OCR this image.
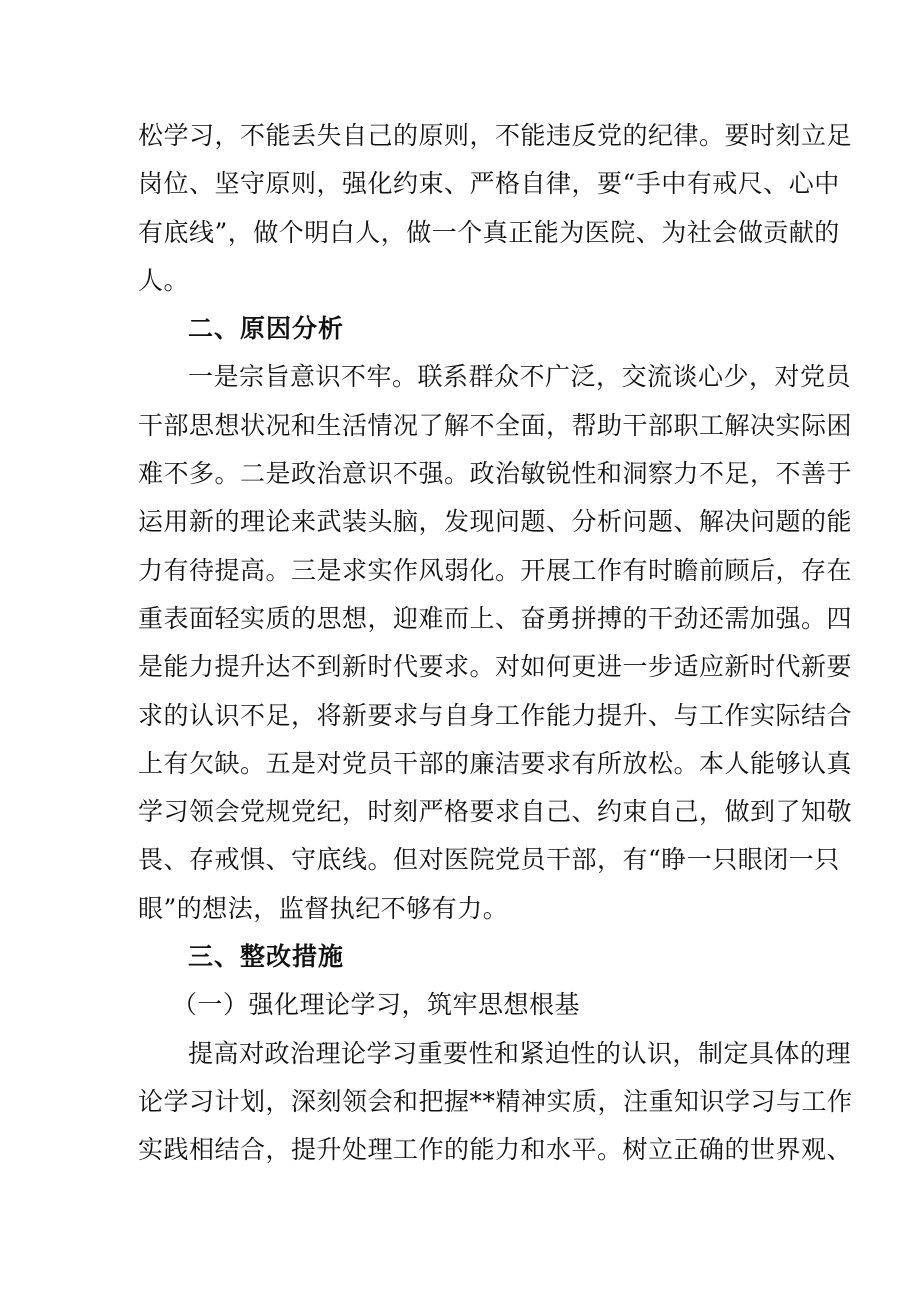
松学习，不能丢失自己的原则，不能违反党的纪律。要时刻立足
岗位、坚守原则，强化约束、严格自律，要“手中有戒尺、心中
有底线”，做个明白人，做一个真正能为医院、为社会做贡献的
人。
二、原因分析
一是宗旨意识不牢。联系群众不广泛，交流谈心少，对党员
干部思想状况和生活情况了解不全面，帮助干部职工解决实际困
难不多。二是政治意识不强。政治敏锐性和洞察力不足，不善于
运用新的理论来武装头脑，发现问题、分析问题、解决问题的能
力有待提高。三是求实作风弱化。开展工作有时瞻前顾后，存在
重表面轻实质的思想，迎难而上、奋勇拼搏的干劲还需加强。四
是能力提升达不到新时代要求。对如何更进一步适应新时代新要
求的认识不足，将新要求与自身工作能力提升、与工作实际结合
上有欠缺。五是对党员干部的廉洁要求有所放松。本人能够认真
学习领会党规党纪，时刻严格要求自己、约束自己，做到了知敬
畏、存戒惧、守底线。但对医院党员干部，有“睁一只眼闭一只
眼”的想法，监督执纪不够有力。
三、整改措施
（一）强化理论学习，筑牢思想根基
提高对政治理论学习重要性和紧迫性的认识，制定具体的理
论学习计划，深刻领会和把握**精神实质，注重知识学习与工作
实践相结合，提升处理工作的能力和水平。树立正确的世界观、
